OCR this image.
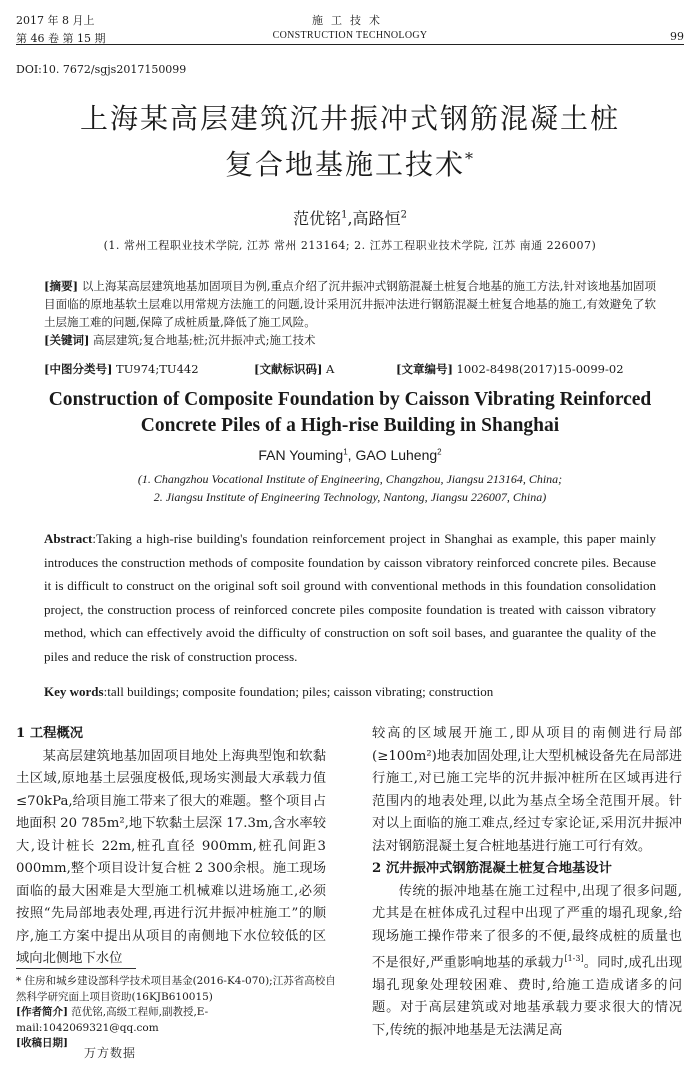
2017 年 8 月上
第 46 卷 第 15 期
施工技术
CONSTRUCTION TECHNOLOGY	99
DOI:10. 7672/sgjs2017150099
上海某高层建筑沉井振冲式钢筋混凝土桩
复合地基施工技术*
范优铭$^1$,高路恒$^2$
(1. 常州工程职业技术学院, 江苏 常州 213164; 2. 江苏工程职业技术学院, 江苏 南通 226007)

[摘要] 以上海某高层建筑地基加固项目为例,重点介绍了沉井振冲式钢筋混凝土桩复合地基的施工方法,针对该地基加固项目面临的原地基软土层难以用常规方法施工的问题,设计采用沉井振冲法进行钢筋混凝土桩复合地基的施工,有效避免了软土层施工难的问题,保障了成桩质量,降低了施工风险。

[关键词] 高层建筑;复合地基;桩;沉井振冲式;施工技术

[中图分类号] TU974;TU442	[文献标识码] A	[文章编号] 1002-8498(2017)15-0099-02
Construction of Composite Foundation by Caisson Vibrating Reinforced
Concrete Piles of a High-rise Building in Shanghai
FAN Youming$^1$, GAO Luheng$^2$
(1. Changzhou Vocational Institute of Engineering, Changzhou, Jiangsu 213164, China;
2. Jiangsu Institute of Engineering Technology, Nantong, Jiangsu 226007, China)
Abstract:Taking a high-rise building's foundation reinforcement project in Shanghai as example, this paper mainly introduces the construction methods of composite foundation by caisson vibratory reinforced concrete piles. Because it is difficult to construct on the original soft soil ground with conventional methods in this foundation consolidation project, the construction process of reinforced concrete piles composite foundation is treated with caisson vibratory method, which can effectively avoid the difficulty of construction on soft soil bases, and guarantee the quality of the piles and reduce the risk of construction process.
Key words:tall buildings; composite foundation; piles; caisson vibrating; construction

1 工程概况

某高层建筑地基加固项目地处上海典型饱和软黏土区域,原地基土层强度极低,现场实测最大承载力值≤70kPa,给项目施工带来了很大的难题。整个项目占地面积 20 785m²,地下软黏土层深 17.3m,含水率较大,设计桩长 22m,桩孔直径 900mm,桩孔间距3 000mm,整个项目设计复合桩 2 300余根。施工现场面临的最大困难是大型施工机械难以进场施工,必须按照“先局部地表处理,再进行沉井振冲桩施工”的顺序,施工方案中提出从项目的南侧地下水位较低的区域向北侧地下水位

较高的区域展开施工,即从项目的南侧进行局部(≥100m²)地表加固处理,让大型机械设备先在局部进行施工,对已施工完毕的沉井振冲桩所在区域再进行范围内的地表处理,以此为基点全场全范围开展。针对以上面临的施工难点,经过专家论证,采用沉井振冲法对钢筋混凝土复合桩地基进行施工可行有效。

2 沉井振冲式钢筋混凝土桩复合地基设计

传统的振冲地基在施工过程中,出现了很多问题,尤其是在桩体成孔过程中出现了严重的塌孔现象,给现场施工操作带来了很多的不便,最终成桩的质量也不是很好,严重影响地基的承载力[1-3]。同时,成孔出现塌孔现象处理较困难、费时,给施工造成诸多的问题。对于高层建筑或对地基承载力要求很大的情况下,传统的振冲地基是无法满足高

* 住房和城乡建设部科学技术项目基金(2016-K4-070);江苏省高校自然科学研究面上项目资助(16KJB610015)

[作者简介] 范优铭,高级工程师,副教授,E-mail:1042069321@qq.com

[收稿日期]

万方数据
